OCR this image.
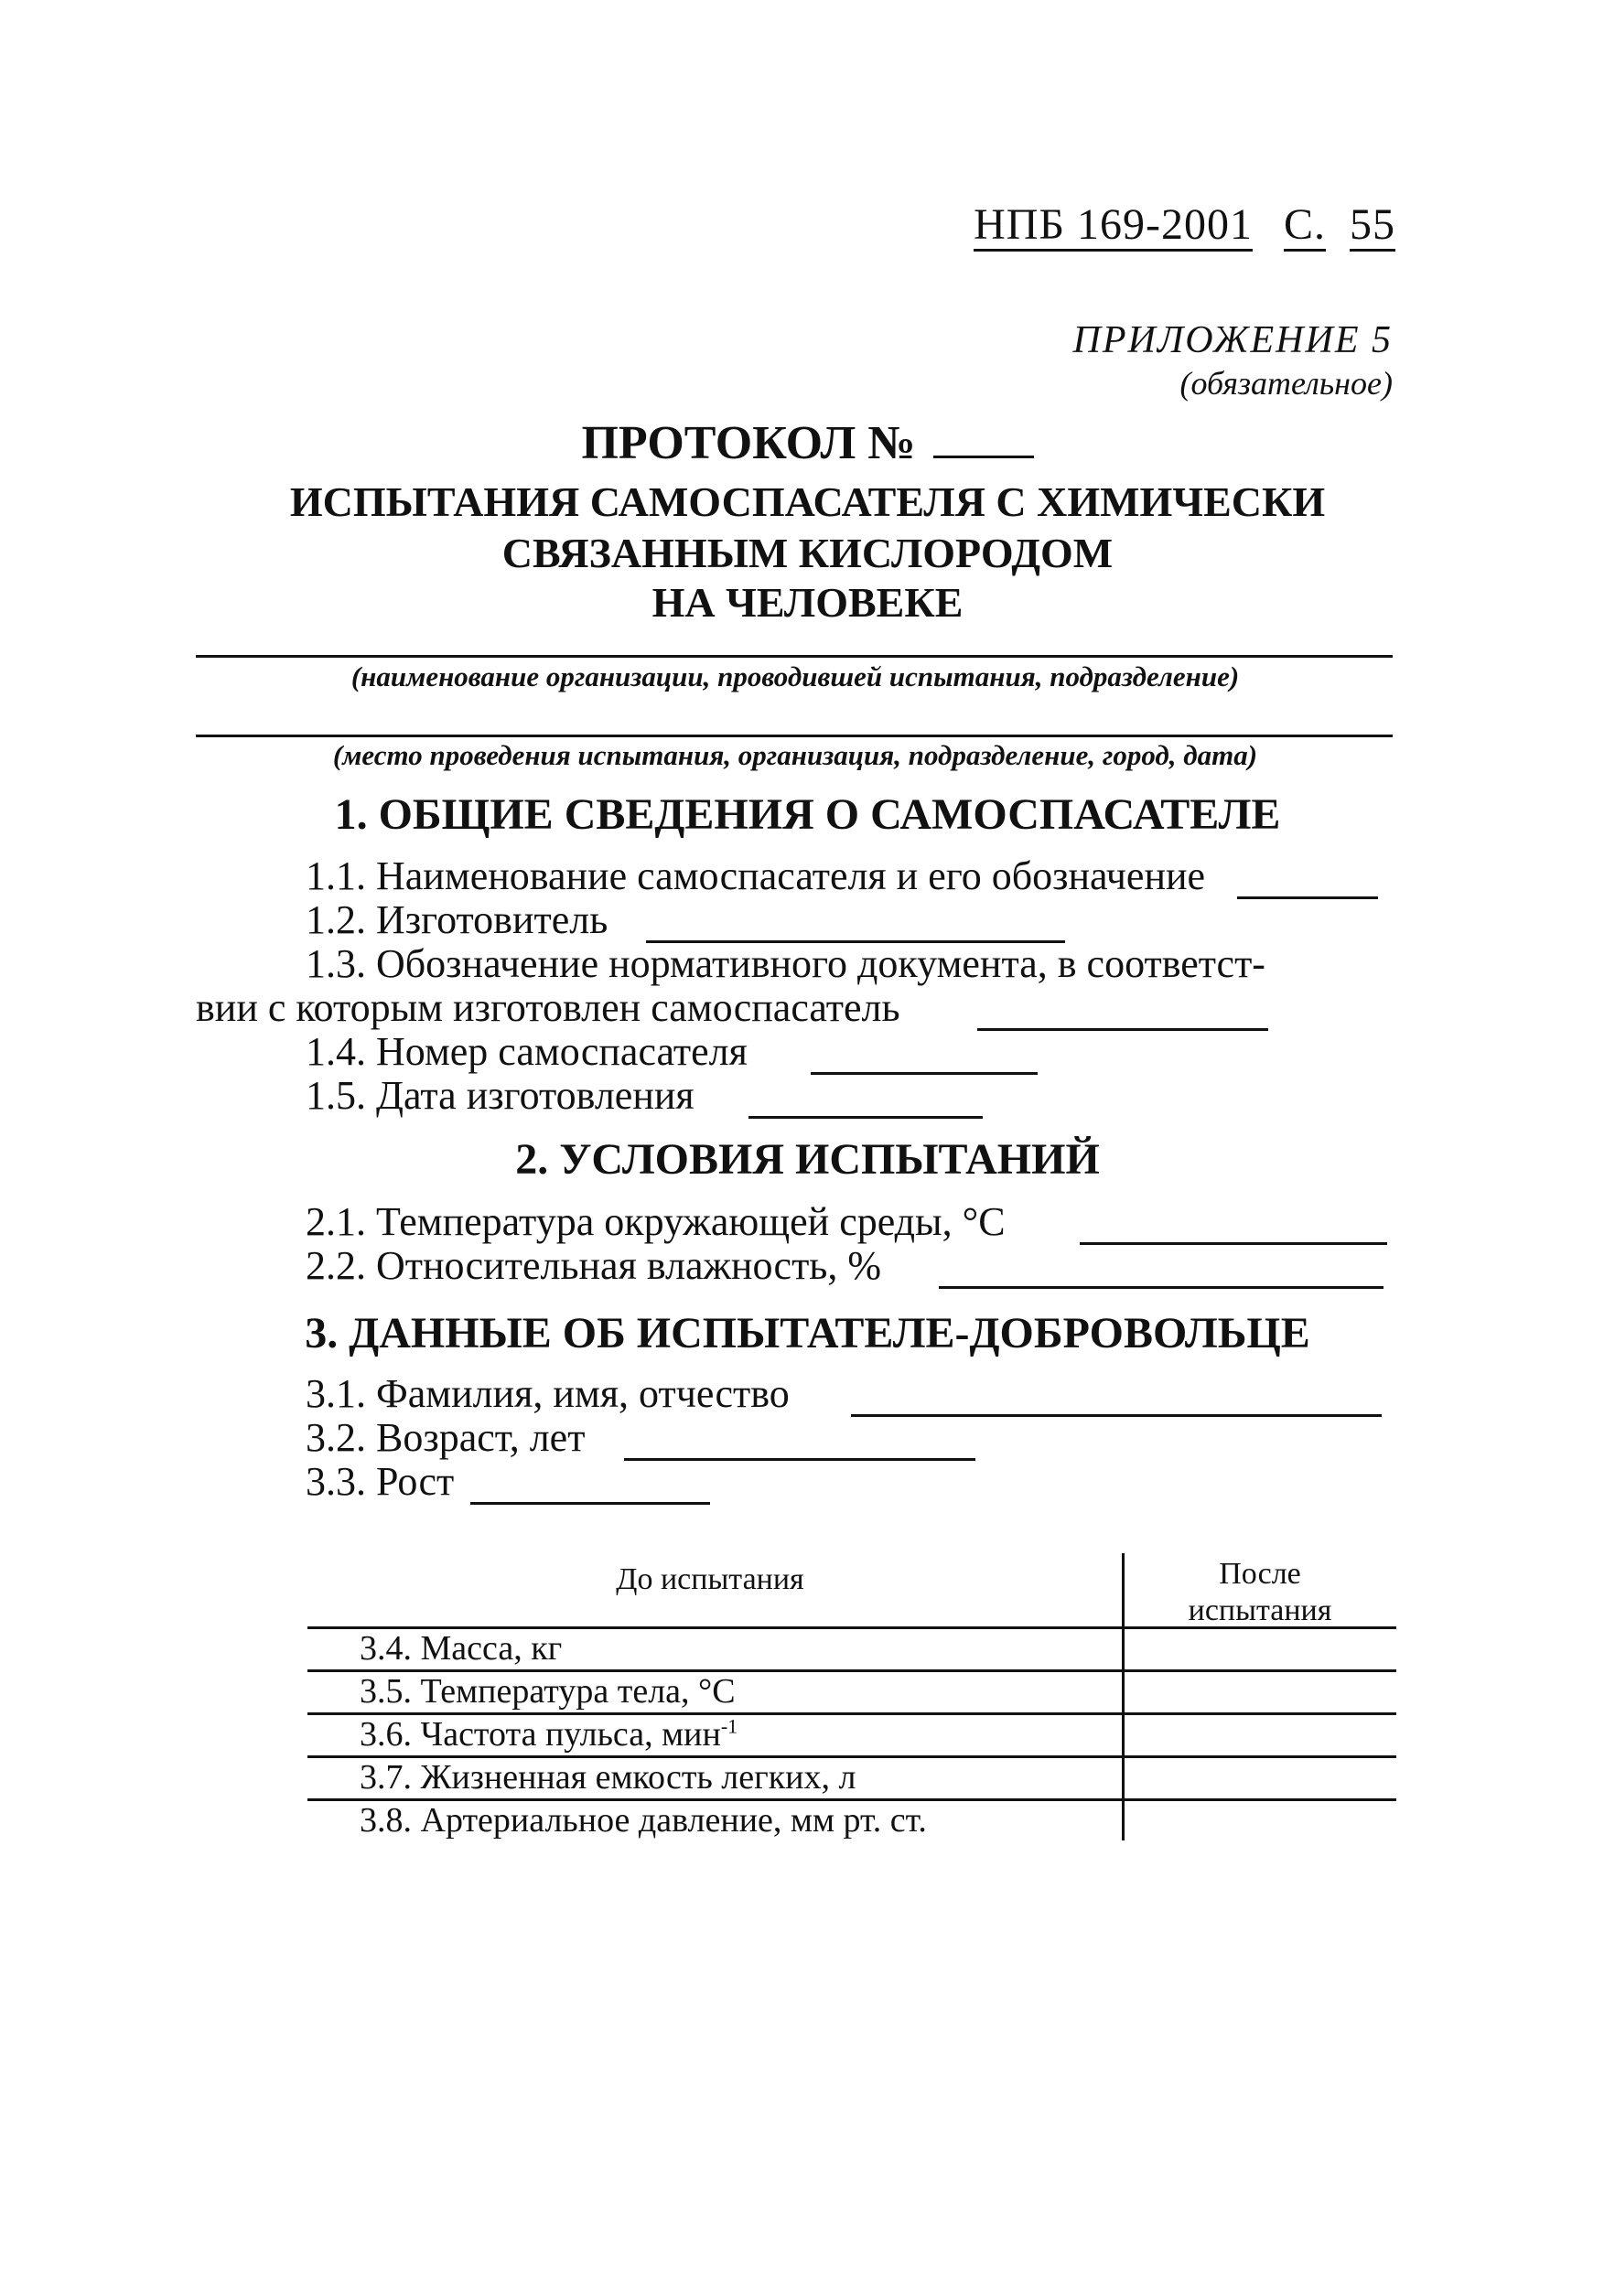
НПБ 169-2001 С. 55
ПРИЛОЖЕНИЕ 5
(обязательное)
ПРОТОКОЛ №
ИСПЫТАНИЯ САМОСПАСАТЕЛЯ С ХИМИЧЕСКИ
СВЯЗАННЫМ КИСЛОРОДОМ
НА ЧЕЛОВЕКЕ
(наименование организации, проводившей испытания, подразделение)
(место проведения испытания, организация, подразделение, город, дата)
1. ОБЩИЕ СВЕДЕНИЯ О САМОСПАСАТЕЛЕ
1.1. Наименование самоспасателя и его обозначение
1.2. Изготовитель
1.3. Обозначение нормативного документа, в соответст-
вии с которым изготовлен самоспасатель
1.4. Номер самоспасателя
1.5. Дата изготовления
2. УСЛОВИЯ ИСПЫТАНИЙ
2.1. Температура окружающей среды, °С
2.2. Относительная влажность, %
3. ДАННЫЕ ОБ ИСПЫТАТЕЛЕ-ДОБРОВОЛЬЦЕ
3.1. Фамилия, имя, отчество
3.2. Возраст, лет
3.3. Рост
До испытания	После
испытания
3.4. Масса, кг
3.5. Температура тела, °С
3.6. Частота пульса, мин$^{-1}$
3.7. Жизненная емкость легких, л
3.8. Артериальное давление, мм рт. ст.
